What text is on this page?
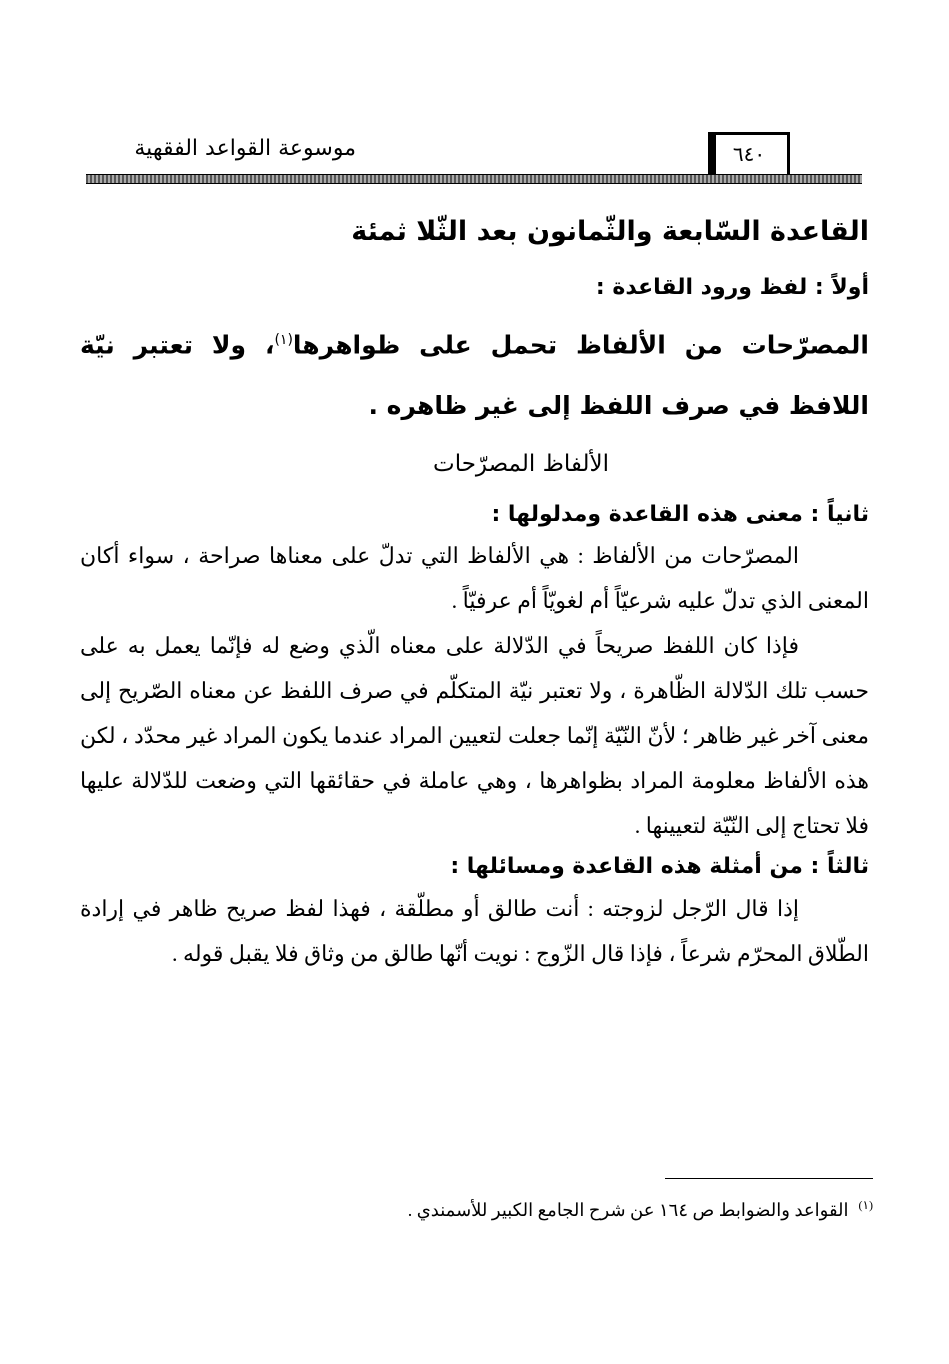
موسوعة القواعد الفقهية	٦٤٠
القاعدة السّابعة والثّمانون بعد الثّلا ثمئة
أولاً : لفظ ورود القاعدة :

المصرّحات من الألفاظ تحمل على ظواهرها$^{(١)}$، ولا تعتبر نيّة اللافظ في صرف اللفظ إلى غير ظاهره .

الألفاظ المصرّحات

ثانياً : معنى هذه القاعدة ومدلولها :

المصرّحات من الألفاظ : هي الألفاظ التي تدلّ على معناها صراحة ، سواء أكان المعنى الذي تدلّ عليه شرعيّاً أم لغويّاً أم عرفيّاً .

فإذا كان اللفظ صريحاً في الدّلالة على معناه الّذي وضع له فإنّما يعمل به على حسب تلك الدّلالة الظّاهرة ، ولا تعتبر نيّة المتكلّم في صرف اللفظ عن معناه الصّريح إلى معنى آخر غير ظاهر ؛ لأنّ النّيّة إنّما جعلت لتعيين المراد عندما يكون المراد غير محدّد ، لكن هذه الألفاظ معلومة المراد بظواهرها ، وهي عاملة في حقائقها التي وضعت للدّلالة عليها فلا تحتاج إلى النّيّة لتعيينها .

ثالثاً : من أمثلة هذه القاعدة ومسائلها :

إذا قال الرّجل لزوجته : أنت طالق أو مطلّقة ، فهذا لفظ صريح ظاهر في إرادة الطّلاق المحرّم شرعاً ، فإذا قال الزّوج : نويت أنّها طالق من وثاق فلا يقبل قوله .

$^{(١)}$القواعد والضوابط ص ١٦٤ عن شرح الجامع الكبير للأسمندي .
